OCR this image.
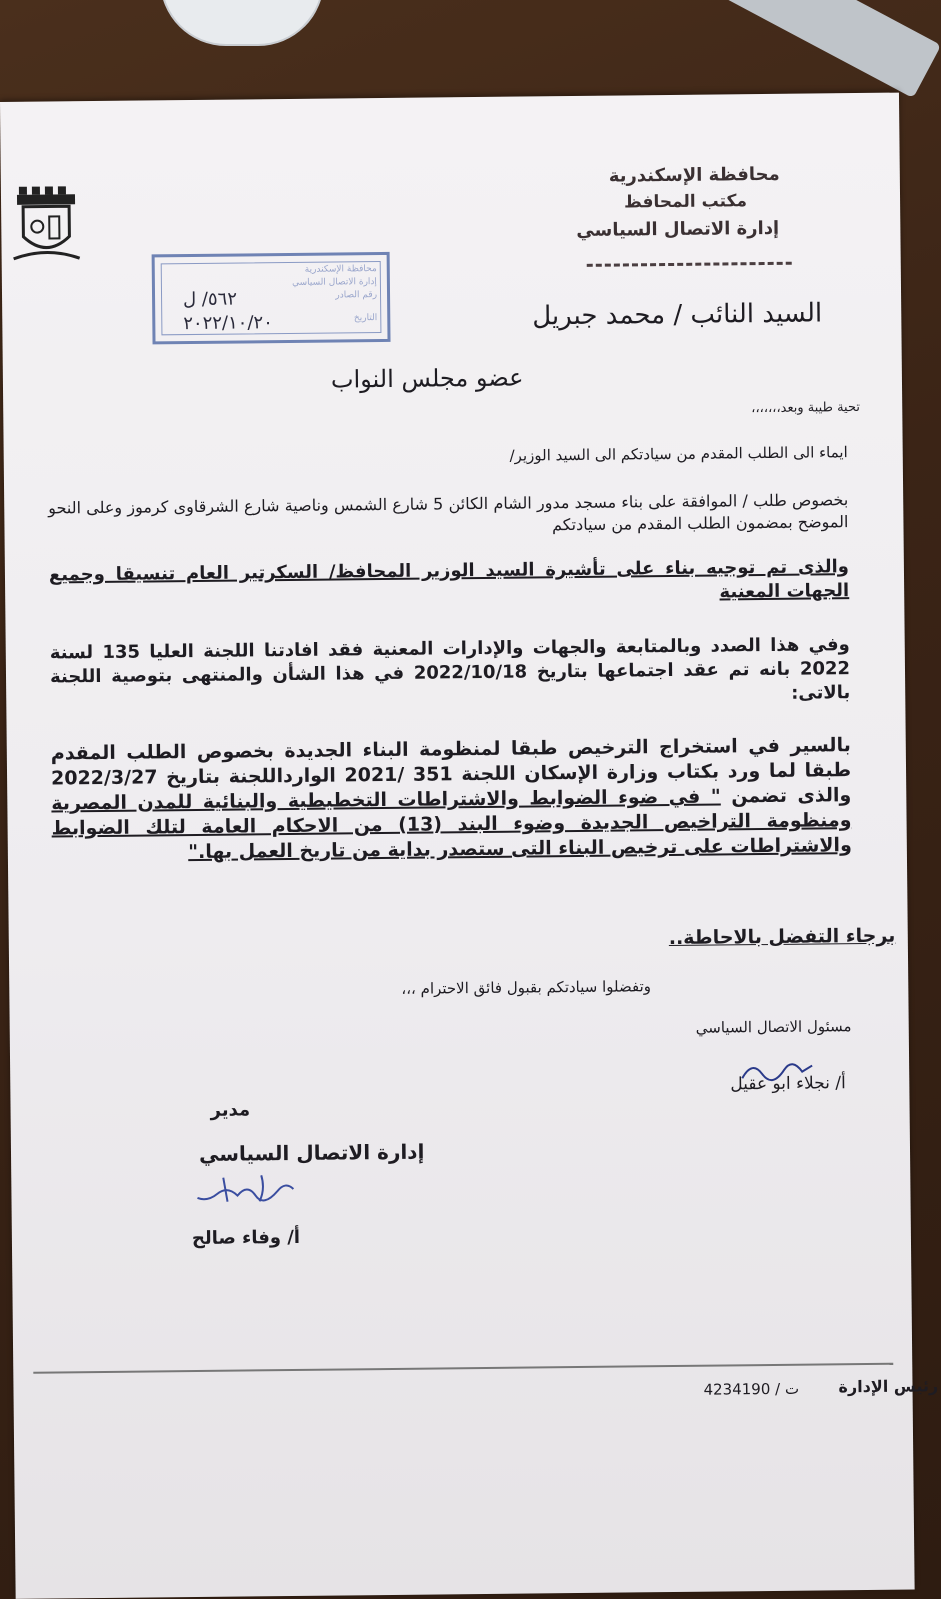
محافظة الإسكندرية
مكتب المحافظ
إدارة الاتصال السياسي
محافظة الإسكندرية
إدارة الاتصال السياسي
رقم الصادر
التاريخ
٥٦٢/ ل
٢٠٢٢/١٠/٢٠	السيد النائب / محمد جبريل
عضو مجلس النواب
تحية طيبة وبعد،،،،،،،
ايماء الى الطلب المقدم من سيادتكم الى السيد الوزير/
بخصوص طلب / الموافقة على بناء مسجد مدور الشام الكائن 5 شارع الشمس وناصية شارع الشرقاوى كرموز وعلى النحو الموضح بمضمون الطلب المقدم من سيادتكم
والذى تم توجيه بناء على تأشيرة السيد الوزير المحافظ/ السكرتير العام تنسيقا وجميع الجهات المعنية
وفي هذا الصدد وبالمتابعة والجهات والإدارات المعنية فقد افادتنا اللجنة العليا 135 لسنة 2022 بانه تم عقد اجتماعها بتاريخ 2022/10/18 في هذا الشأن والمنتهى بتوصية اللجنة بالاتى:
بالسير في استخراج الترخيص طبقا لمنظومة البناء الجديدة بخصوص الطلب المقدم طبقا لما ورد بكتاب وزارة الإسكان اللجنة 351 /2021 الوارداللجنة بتاريخ 2022/3/27 والذى تضمن " في ضوء الضوابط والاشتراطات التخطيطية والبنائية للمدن المصرية ومنظومة التراخيص الجديدة وضوء البند (13) من الاحكام العامة لتلك الضوابط والاشتراطات على ترخيص البناء التى ستصدر بداية من تاريخ العمل بها."
برجاء التفضل بالاحاطة..
وتفضلوا سيادتكم بقبول فائق الاحترام ،،،
مسئول الاتصال السياسي
أ/ نجلاء ابو عقيل
مدير
إدارة الاتصال السياسي
أ/ وفاء صالح
رئيس الإدارة
ت / 4234190
